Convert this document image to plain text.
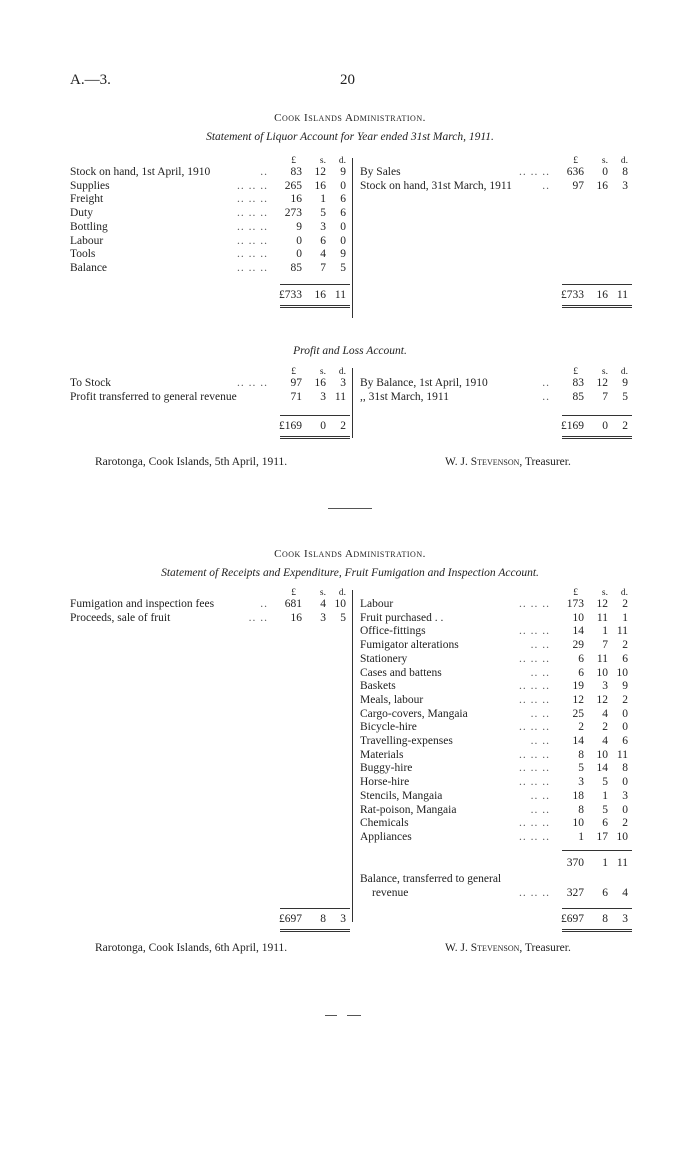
A.—3.	20
Cook Islands Administration.
Statement of Liquor Account for Year ended 31st March, 1911.
£	s. d.
Stock on hand, 1st April, 1910	.. 83 12 9
Supplies	.. .. .. 265 16 0
Freight	.. .. .. 16 1 6
Duty	.. .. .. 273 5 6
Bottling	.. .. .. 9 3 0
Labour	.. .. .. 0 6 0
Tools	.. .. .. 0 4 9
Balance	.. .. .. 85 7 5
£733 16 11
£	s. d.
By Sales	.. .. .. 636 0 8
Stock on hand, 31st March, 1911	.. 97 16 3
£733 16 11
Profit and Loss Account.
£	s. d.
To Stock	.. .. .. 97 16 3
Profit transferred to general revenue	71 3 11
£169 0 2
£	s. d.
By Balance, 1st April, 1910	.. 83 12 9
,, 31st March, 1911	.. 85 7 5
£169 0 2
Rarotonga, Cook Islands, 5th April, 1911.	W. J. Stevenson, Treasurer.
Cook Islands Administration.
Statement of Receipts and Expenditure, Fruit Fumigation and Inspection Account.
£	s. d.
Fumigation and inspection fees	.. 681 4 10
Proceeds, sale of fruit	.. .. 16 3 5
£697 8 3
£	s. d.
Labour	.. .. .. 173 12 2
Fruit purchased . .	10 11 1
Office-fittings	.. .. .. 14 1 11
Fumigator alterations	.. .. 29 7 2
Stationery	.. .. .. 6 11 6
Cases and battens	.. .. 6 10 10
Baskets	.. .. .. 19 3 9
Meals, labour	.. .. .. 12 12 2
Cargo-covers, Mangaia	.. .. 25 4 0
Bicycle-hire	.. .. .. 2 2 0
Travelling-expenses	.. .. 14 4 6
Materials	.. .. .. 8 10 11
Buggy-hire	.. .. .. 5 14 8
Horse-hire	.. .. .. 3 5 0
Stencils, Mangaia	.. .. 18 1 3
Rat-poison, Mangaia	.. .. 8 5 0
Chemicals	.. .. .. 10 6 2
Appliances	.. .. .. 1 17 10
370 1 11
Balance, transferred to general
revenue	.. .. .. 327 6 4
£697 8 3
Rarotonga, Cook Islands, 6th April, 1911.	W. J. Stevenson, Treasurer.
